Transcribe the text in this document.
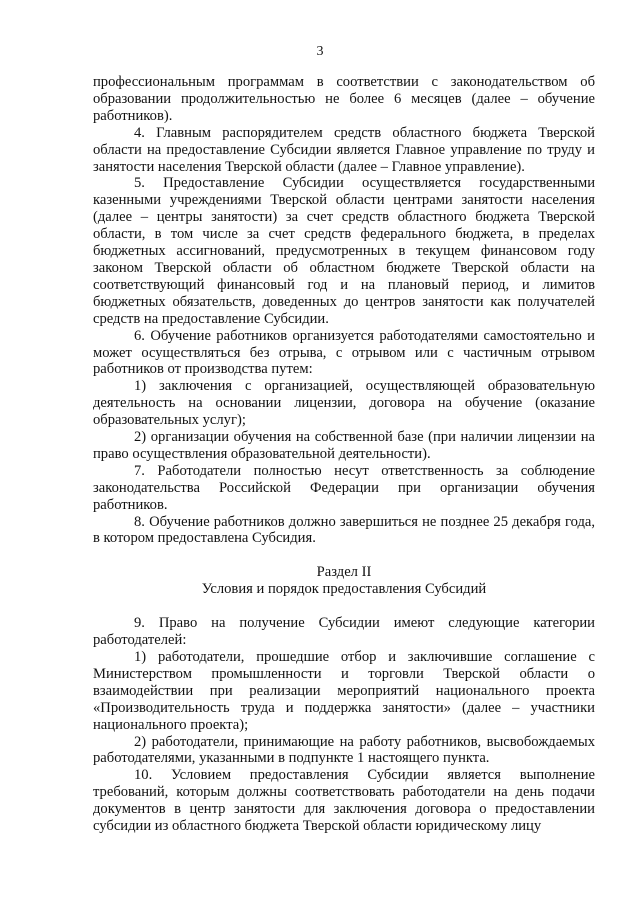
3

профессиональным программам в соответствии с законодательством об образовании продолжительностью не более 6 месяцев (далее – обучение работников).

4. Главным распорядителем средств областного бюджета Тверской области на предоставление Субсидии является Главное управление по труду и занятости населения Тверской области (далее – Главное управление).

5. Предоставление Субсидии осуществляется государственными казенными учреждениями Тверской области центрами занятости населения (далее – центры занятости) за счет средств областного бюджета Тверской области, в том числе за счет средств федерального бюджета, в пределах бюджетных ассигнований, предусмотренных в текущем финансовом году законом Тверской области об областном бюджете Тверской области на соответствующий финансовый год и на плановый период, и лимитов бюджетных обязательств, доведенных до центров занятости как получателей средств на предоставление Субсидии.

6. Обучение работников организуется работодателями самостоятельно и может осуществляться без отрыва, с отрывом или с частичным отрывом работников от производства путем:

1) заключения с организацией, осуществляющей образовательную деятельность на основании лицензии, договора на обучение (оказание образовательных услуг);

2) организации обучения на собственной базе (при наличии лицензии на право осуществления образовательной деятельности).

7. Работодатели полностью несут ответственность за соблюдение законодательства Российской Федерации при организации обучения работников.

8. Обучение работников должно завершиться не позднее 25 декабря года, в котором предоставлена Субсидия.

Раздел II

Условия и порядок предоставления Субсидий

9. Право на получение Субсидии имеют следующие категории работодателей:

1) работодатели, прошедшие отбор и заключившие соглашение с Министерством промышленности и торговли Тверской области о взаимодействии при реализации мероприятий национального проекта «Производительность труда и поддержка занятости» (далее – участники национального проекта);

2) работодатели, принимающие на работу работников, высвобождаемых работодателями, указанными в подпункте 1 настоящего пункта.

10. Условием предоставления Субсидии является выполнение требований, которым должны соответствовать работодатели на день подачи документов в центр занятости для заключения договора о предоставлении субсидии из областного бюджета Тверской области юридическому лицу
